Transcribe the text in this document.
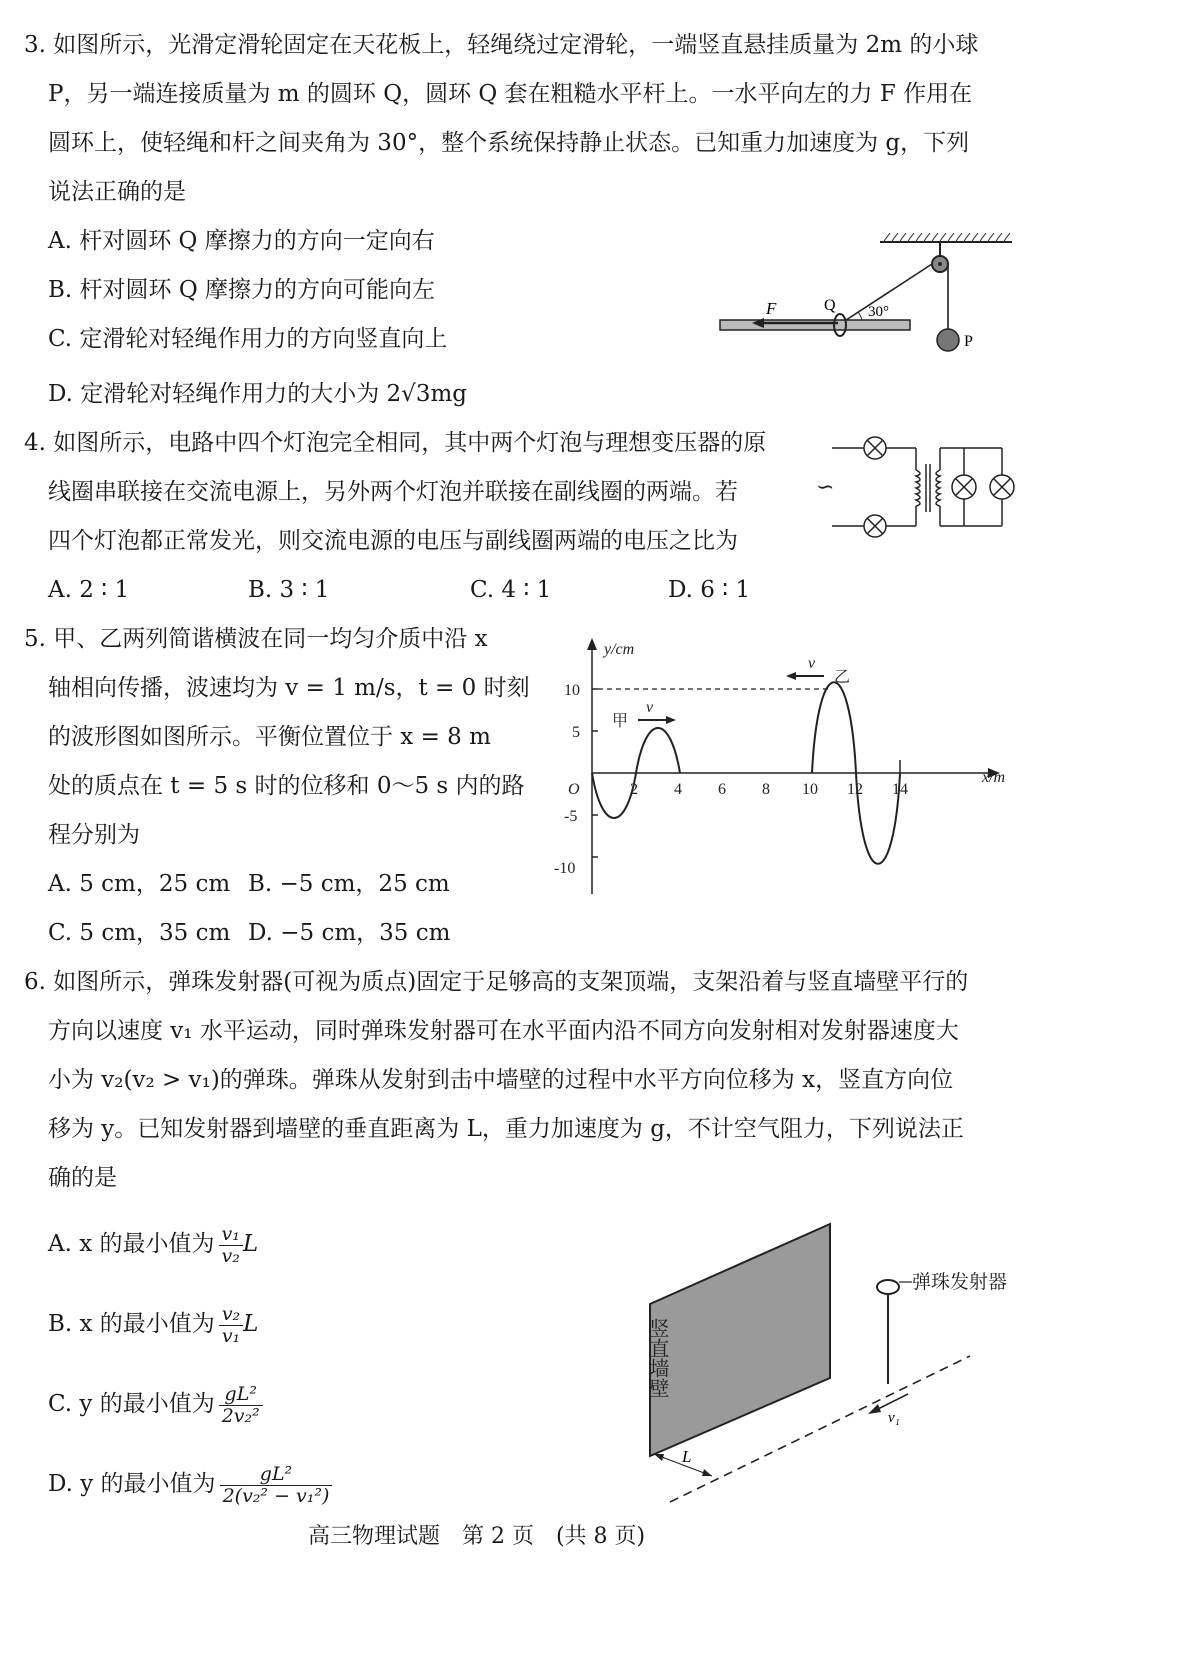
3. 如图所示，光滑定滑轮固定在天花板上，轻绳绕过定滑轮，一端竖直悬挂质量为 2m 的小球
P，另一端连接质量为 m 的圆环 Q，圆环 Q 套在粗糙水平杆上。一水平向左的力 F 作用在
圆环上，使轻绳和杆之间夹角为 30°，整个系统保持静止状态。已知重力加速度为 g，下列
说法正确的是
A. 杆对圆环 Q 摩擦力的方向一定向右
B. 杆对圆环 Q 摩擦力的方向可能向左
C. 定滑轮对轻绳作用力的方向竖直向上
D. 定滑轮对轻绳作用力的大小为 2√3mg
P
F	Q 30°
4. 如图所示，电路中四个灯泡完全相同，其中两个灯泡与理想变压器的原
线圈串联接在交流电源上，另外两个灯泡并联接在副线圈的两端。若
四个灯泡都正常发光，则交流电源的电压与副线圈两端的电压之比为
A. 2 ∶ 1	B. 3 ∶ 1	C. 4 ∶ 1	D. 6 ∶ 1
∽
5. 甲、乙两列简谐横波在同一均匀介质中沿 x
轴相向传播，波速均为 v = 1 m/s，t = 0 时刻
的波形图如图所示。平衡位置位于 x = 8 m
处的质点在 t = 5 s 时的位移和 0～5 s 内的路
程分别为
A. 5 cm，25 cm B. −5 cm，25 cm
C. 5 cm，35 cm D. −5 cm，35 cm
y/cm
x/m
O	2 4 6 8 10 12 14
10
5
-5
-10
甲
v
乙
v
6. 如图所示，弹珠发射器(可视为质点)固定于足够高的支架顶端，支架沿着与竖直墙壁平行的
方向以速度 v₁ 水平运动，同时弹珠发射器可在水平面内沿不同方向发射相对发射器速度大
小为 v₂(v₂ > v₁)的弹珠。弹珠从发射到击中墙壁的过程中水平方向位移为 x，竖直方向位
移为 y。已知发射器到墙壁的垂直距离为 L，重力加速度为 g，不计空气阻力，下列说法正
确的是
A. x 的最小值为 $\frac{\text{v₁}}{\text{v₂}}$ L
B. x 的最小值为 $\frac{\text{v₂}}{\text{v₁}}$ L
C. y 的最小值为 $\frac{\text{gL²}}{\text{2v₂²}}$
D. y 的最小值为 $\frac{\text{gL²}}{\text{2(v₂² − v₁²)}}$
竖直墙壁
L
弹珠发射器
v₁
高三物理试题　第 2 页　(共 8 页)
